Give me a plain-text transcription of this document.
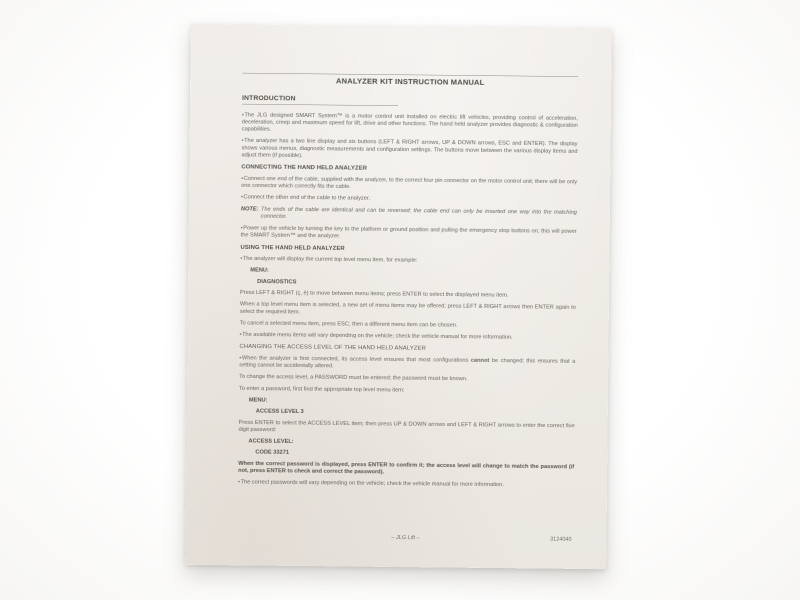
ANALYZER KIT INSTRUCTION MANUAL
INTRODUCTION

•The JLG designed SMART System™ is a motor control unit installed on electric lift vehicles, providing control of acceleration, deceleration, creep and maximum speed for lift, drive and other functions. The hand held analyzer provides diagnostic & configuration capabilities.

•The analyzer has a two line display and six buttons (LEFT & RIGHT arrows, UP & DOWN arrows, ESC and ENTER). The display shows various menus, diagnostic measurements and configuration settings. The buttons move between the various display items and adjust them (if possible).

CONNECTING THE HAND HELD ANALYZER

•Connect one end of the cable, supplied with the analyzer, to the correct four pin connector on the motor control unit; there will be only one connector which correctly fits the cable.

•Connect the other end of the cable to the analyzer.

NOTE: The ends of the cable are identical and can be reversed; the cable end can only be inserted one way into the matching connector.

•Power up the vehicle by turning the key to the platform or ground position and pulling the emergency stop buttons on; this will power the SMART System™ and the analyzer.

USING THE HAND HELD ANALYZER

•The analyzer will display the current top level menu item, for example:

MENU:
DIAGNOSTICS

Press LEFT & RIGHT (ç, è) to move between menu items; press ENTER to select the displayed menu item.

When a top level menu item is selected, a new set of menu items may be offered; press LEFT & RIGHT arrows then ENTER again to select the required item.

To cancel a selected menu item, press ESC; then a different menu item can be chosen.

•The available menu items will vary depending on the vehicle; check the vehicle manual for more information.

CHANGING THE ACCESS LEVEL OF THE HAND HELD ANALYZER

•When the analyzer is first connected, its access level ensures that most configurations cannot be changed; this ensures that a setting cannot be accidentally altered.

To change the access level, a PASSWORD must be entered; the password must be known.

To enter a password, first find the appropriate top level menu item:

MENU:
ACCESS LEVEL 3

Press ENTER to select the ACCESS LEVEL item; then press UP & DOWN arrows and LEFT & RIGHT arrows to enter the correct five digit password:

ACCESS LEVEL:
CODE 33271

When the correct password is displayed, press ENTER to confirm it; the access level will change to match the password (if not, press ENTER to check and correct the password).

•The correct passwords will vary depending on the vehicle; check the vehicle manual for more information.

– JLG Lift –	3124040
